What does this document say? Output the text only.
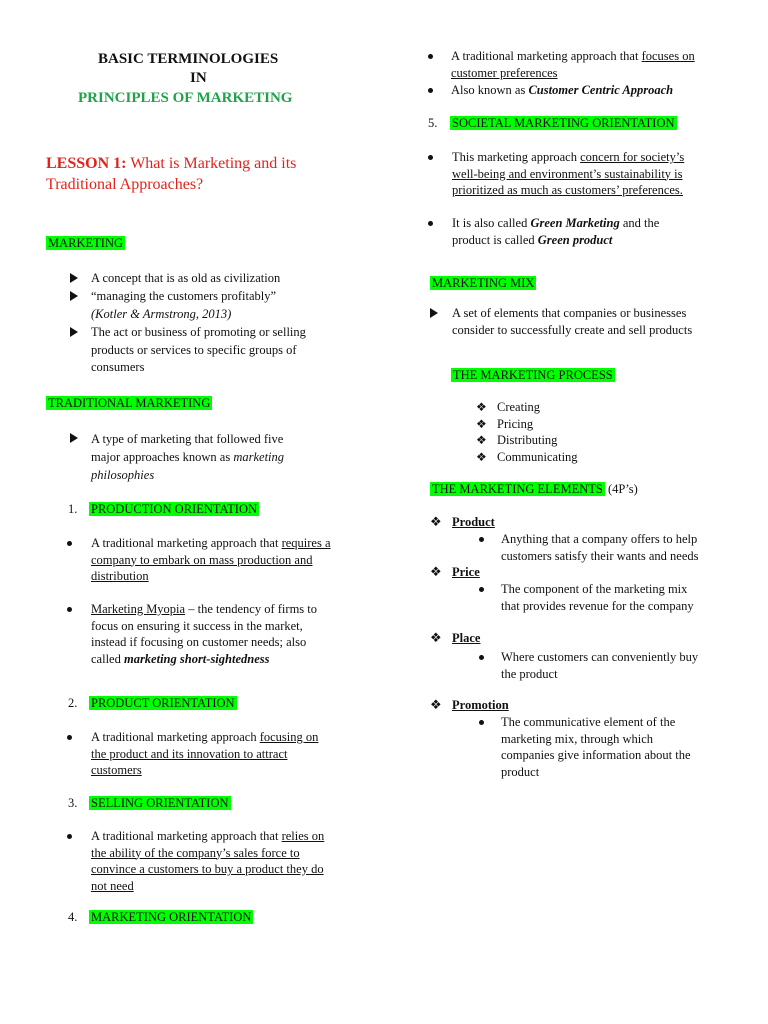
BASIC TERMINOLOGIES
IN
PRINCIPLES OF MARKETING
LESSON 1: What is Marketing and its
Traditional Approaches?
MARKETING
A concept that is as old as civilization
“managing the customers profitably”
(Kotler & Armstrong, 2013)
The act or business of promoting or selling
products or services to specific groups of
consumers
TRADITIONAL MARKETING
A type of marketing that followed five
major approaches known as marketing
philosophies
1. PRODUCTION ORIENTATION
A traditional marketing approach that requires a
company to embark on mass production and
distribution
Marketing Myopia – the tendency of firms to
focus on ensuring it success in the market,
instead if focusing on customer needs; also
called marketing short-sightedness
2. PRODUCT ORIENTATION
A traditional marketing approach focusing on
the product and its innovation to attract
customers
3. SELLING ORIENTATION
A traditional marketing approach that relies on
the ability of the company’s sales force to
convince a customers to buy a product they do
not need
4. MARKETING ORIENTATION
A traditional marketing approach that focuses on
customer preferences
Also known as Customer Centric Approach
5. SOCIETAL MARKETING ORIENTATION
This marketing approach concern for society’s
well-being and environment’s sustainability is
prioritized as much as customers’ preferences.
It is also called Green Marketing and the
product is called Green product
MARKETING MIX
A set of elements that companies or businesses
consider to successfully create and sell products
THE MARKETING PROCESS
❖ Creating
❖ Pricing
❖ Distributing
❖ Communicating
THE MARKETING ELEMENTS (4P’s)
❖ Product
Anything that a company offers to help
customers satisfy their wants and needs
❖ Price
The component of the marketing mix
that provides revenue for the company
❖ Place
Where customers can conveniently buy
the product
❖ Promotion
The communicative element of the
marketing mix, through which
companies give information about the
product
